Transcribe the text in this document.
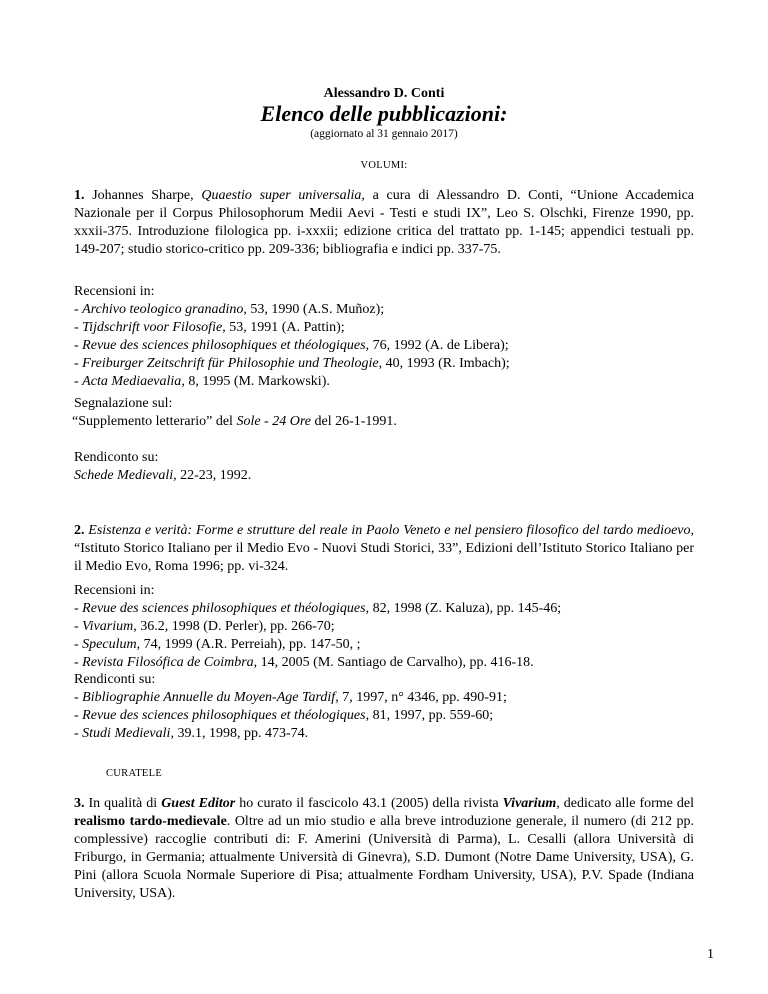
Alessandro D. Conti
Elenco delle pubblicazioni:
(aggiornato al 31 gennaio 2017)
VOLUMI:

1. Johannes Sharpe, Quaestio super universalia, a cura di Alessandro D. Conti, “Unione Accademica Nazionale per il Corpus Philosophorum Medii Aevi - Testi e studi IX”, Leo S. Olschki, Firenze 1990, pp. xxxii-375. Introduzione filologica pp. i-xxxii; edizione critica del trattato pp. 1-145; appendici testuali pp. 149-207; studio storico-critico pp. 209-336; bibliografia e indici pp. 337-75.

Recensioni in:
- Archivo teologico granadino, 53, 1990 (A.S. Muñoz);
- Tijdschrift voor Filosofie, 53, 1991 (A. Pattin);
- Revue des sciences philosophiques et théologiques, 76, 1992 (A. de Libera);
- Freiburger Zeitschrift für Philosophie und Theologie, 40, 1993 (R. Imbach);
- Acta Mediaevalia, 8, 1995 (M. Markowski).
Segnalazione sul:
“Supplemento letterario” del Sole - 24 Ore del 26-1-1991.
Rendiconto su:
Schede Medievali, 22-23, 1992.

2. Esistenza e verità: Forme e strutture del reale in Paolo Veneto e nel pensiero filosofico del tardo medioevo, “Istituto Storico Italiano per il Medio Evo - Nuovi Studi Storici, 33”, Edizioni dell’Istituto Storico Italiano per il Medio Evo, Roma 1996; pp. vi-324.

Recensioni in:
- Revue des sciences philosophiques et théologiques, 82, 1998 (Z. Kaluza), pp. 145-46;
- Vivarium, 36.2, 1998 (D. Perler), pp. 266-70;
- Speculum, 74, 1999 (A.R. Perreiah), pp. 147-50, ;
- Revista Filosófica de Coimbra, 14, 2005 (M. Santiago de Carvalho), pp. 416-18.
Rendiconti su:
- Bibliographie Annuelle du Moyen-Age Tardif, 7, 1997, n° 4346, pp. 490-91;
- Revue des sciences philosophiques et théologiques, 81, 1997, pp. 559-60;
- Studi Medievali, 39.1, 1998, pp. 473-74.
CURATELE

3. In qualità di Guest Editor ho curato il fascicolo 43.1 (2005) della rivista Vivarium, dedicato alle forme del realismo tardo-medievale. Oltre ad un mio studio e alla breve introduzione generale, il numero (di 212 pp. complessive) raccoglie contributi di: F. Amerini (Università di Parma), L. Cesalli (allora Università di Friburgo, in Germania; attualmente Università di Ginevra), S.D. Dumont (Notre Dame University, USA), G. Pini (allora Scuola Normale Superiore di Pisa; attualmente Fordham University, USA), P.V. Spade (Indiana University, USA).

1
